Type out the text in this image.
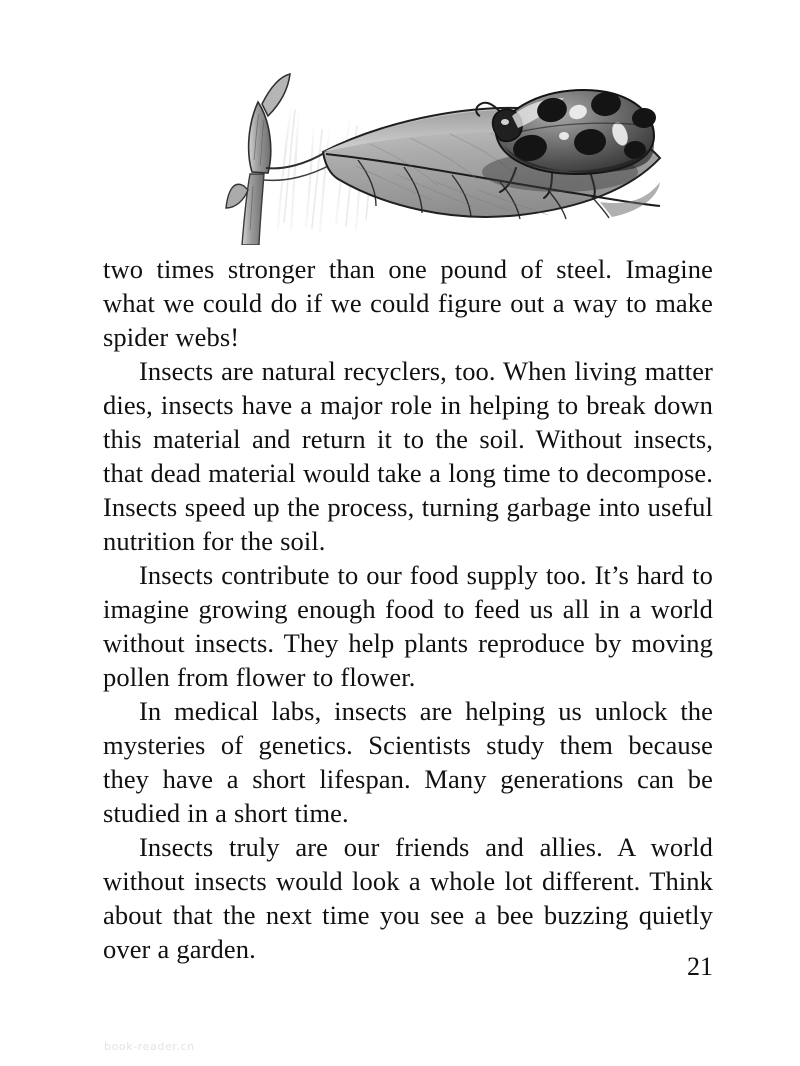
two times stronger than one pound of steel. Imagine what we could do if we could figure out a way to make spider webs!

Insects are natural recyclers, too. When living matter dies, insects have a major role in helping to break down this material and return it to the soil. Without insects, that dead material would take a long time to decompose. Insects speed up the process, turning garbage into useful nutrition for the soil.

Insects contribute to our food supply too. It’s hard to imagine growing enough food to feed us all in a world without insects. They help plants reproduce by moving pollen from flower to flower.

In medical labs, insects are helping us unlock the mysteries of genetics. Scientists study them because they have a short lifespan. Many generations can be studied in a short time.

Insects truly are our friends and allies. A world without insects would look a whole lot different. Think about that the next time you see a bee buzzing quietly over a garden.

21
book-reader.cn
